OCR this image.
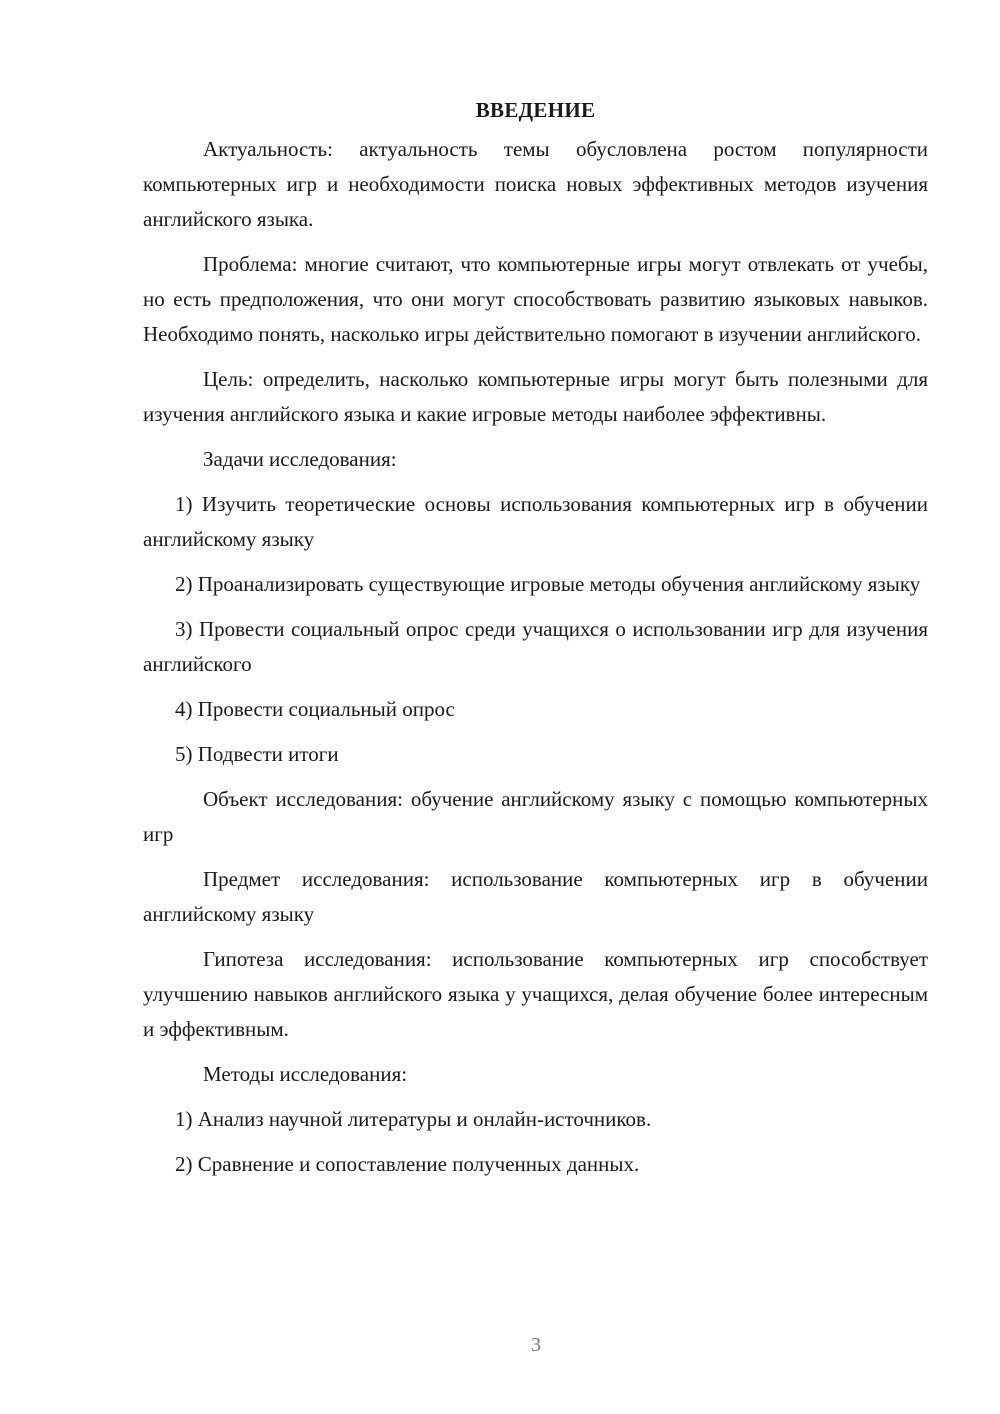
ВВЕДЕНИЕ

Актуальность: актуальность темы обусловлена ростом популярности компьютерных игр и необходимости поиска новых эффективных методов изучения английского языка.

Проблема: многие считают, что компьютерные игры могут отвлекать от учебы, но есть предположения, что они могут способствовать развитию языковых навыков. Необходимо понять, насколько игры действительно помогают в изучении английского.

Цель: определить, насколько компьютерные игры могут быть полезными для изучения английского языка и какие игровые методы наиболее эффективны.

Задачи исследования:

1) Изучить теоретические основы использования компьютерных игр в обучении английскому языку

2) Проанализировать существующие игровые методы обучения английскому языку

3) Провести социальный опрос среди учащихся о использовании игр для изучения английского

4) Провести социальный опрос

5) Подвести итоги

Объект исследования: обучение английскому языку с помощью компьютерных игр

Предмет исследования: использование компьютерных игр в обучении английскому языку

Гипотеза исследования: использование компьютерных игр способствует улучшению навыков английского языка у учащихся, делая обучение более интересным и эффективным.

Методы исследования:

1) Анализ научной литературы и онлайн-источников.

2) Сравнение и сопоставление полученных данных.

3
